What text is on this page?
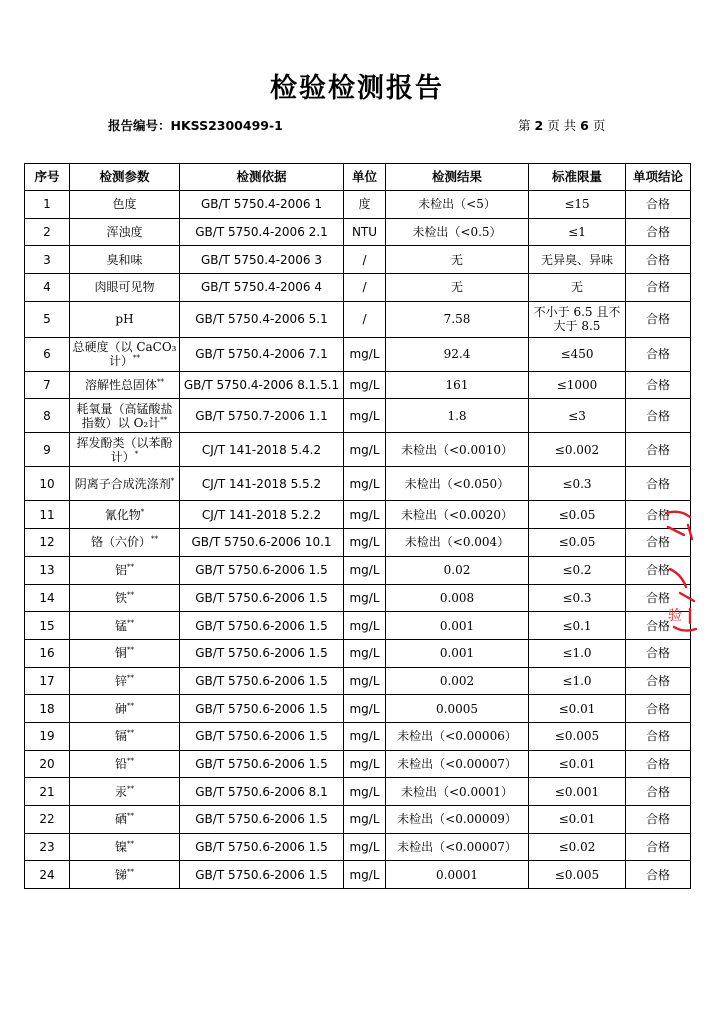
检验检测报告
报告编号：HKSS2300499-1	第 2 页 共 6 页
序号	检测参数	检测依据	单位	检测结果	标准限量	单项结论
1	色度	GB/T 5750.4-2006 1	度	未检出（<5）	≤15	合格
2	浑浊度	GB/T 5750.4-2006 2.1	NTU	未检出（<0.5）	≤1	合格
3	臭和味	GB/T 5750.4-2006 3	/	无	无异臭、异味	合格
4	肉眼可见物	GB/T 5750.4-2006 4	/	无	无	合格
5	pH	GB/T 5750.4-2006 5.1	/	7.58	不小于 6.5 且不大于 8.5	合格
6	总硬度（以 CaCO₃计）**	GB/T 5750.4-2006 7.1	mg/L	92.4	≤450	合格
7	溶解性总固体**	GB/T 5750.4-2006 8.1.5.1	mg/L	161	≤1000	合格
8	耗氧量（高锰酸盐指数）以 O₂计**	GB/T 5750.7-2006 1.1	mg/L	1.8	≤3	合格
9	挥发酚类（以苯酚计）*	CJ/T 141-2018 5.4.2	mg/L	未检出（<0.0010）	≤0.002	合格
10	阴离子合成洗涤剂*	CJ/T 141-2018 5.5.2	mg/L	未检出（<0.050）	≤0.3	合格
11	氰化物*	CJ/T 141-2018 5.2.2	mg/L	未检出（<0.0020）	≤0.05	合格
12	铬（六价）**	GB/T 5750.6-2006 10.1	mg/L	未检出（<0.004）	≤0.05	合格
13	铝**	GB/T 5750.6-2006 1.5	mg/L	0.02	≤0.2	合格
14	铁**	GB/T 5750.6-2006 1.5	mg/L	0.008	≤0.3	合格
15	锰**	GB/T 5750.6-2006 1.5	mg/L	0.001	≤0.1	合格
16	铜**	GB/T 5750.6-2006 1.5	mg/L	0.001	≤1.0	合格
17	锌**	GB/T 5750.6-2006 1.5	mg/L	0.002	≤1.0	合格
18	砷**	GB/T 5750.6-2006 1.5	mg/L	0.0005	≤0.01	合格
19	镉**	GB/T 5750.6-2006 1.5	mg/L	未检出（<0.00006）	≤0.005	合格
20	铅**	GB/T 5750.6-2006 1.5	mg/L	未检出（<0.00007）	≤0.01	合格
21	汞**	GB/T 5750.6-2006 8.1	mg/L	未检出（<0.0001）	≤0.001	合格
22	硒**	GB/T 5750.6-2006 1.5	mg/L	未检出（<0.00009）	≤0.01	合格
23	镍**	GB/T 5750.6-2006 1.5	mg/L	未检出（<0.00007）	≤0.02	合格
24	锑**	GB/T 5750.6-2006 1.5	mg/L	0.0001	≤0.005	合格
验
